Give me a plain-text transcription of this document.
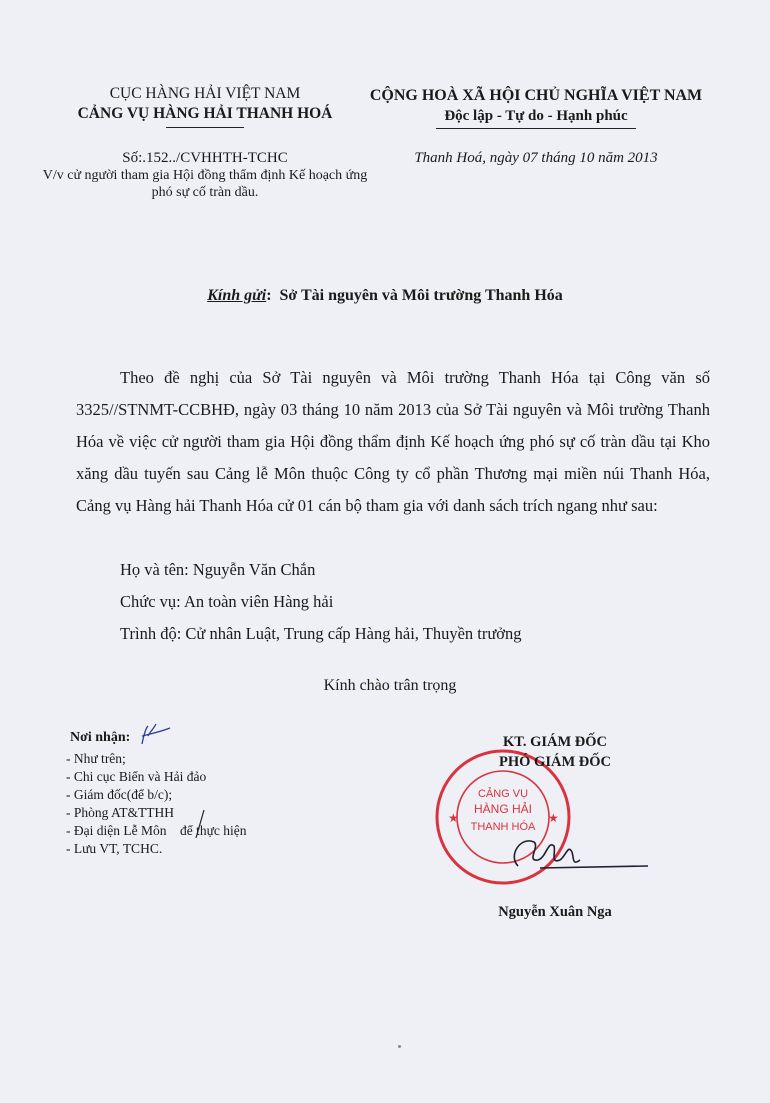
CỤC HÀNG HẢI VIỆT NAM
CẢNG VỤ HÀNG HẢI THANH HOÁ
CỘNG HOÀ XÃ HỘI CHỦ NGHĨA VIỆT NAM
Độc lập - Tự do - Hạnh phúc
Số:.152../CVHHTH-TCHC
V/v cử người tham gia Hội đồng thẩm định Kế hoạch ứng phó sự cố tràn dầu.
Thanh Hoá, ngày 07 tháng 10 năm 2013
Kính gửi:  Sở Tài nguyên và Môi trường Thanh Hóa

Theo đề nghị của Sở Tài nguyên và Môi trường Thanh Hóa tại Công văn số 3325//STNMT-CCBHĐ, ngày 03 tháng 10 năm 2013 của Sở Tài nguyên và Môi trường Thanh Hóa về việc cử người tham gia Hội đồng thẩm định Kế hoạch ứng phó sự cố tràn dầu tại Kho xăng dầu tuyến sau Cảng lễ Môn thuộc Công ty cổ phần Thương mại miền núi Thanh Hóa, Cảng vụ Hàng hải Thanh Hóa cử 01 cán bộ tham gia với danh sách trích ngang như sau:

Họ và tên: Nguyễn Văn Chắn
Chức vụ: An toàn viên Hàng hải
Trình độ: Cử nhân Luật, Trung cấp Hàng hải, Thuyền trưởng
Kính chào trân trọng
Nơi nhận:
- Như trên;
- Chi cục Biển và Hải đảo
- Giám đốc(để b/c);
- Phòng AT&TTHH
- Đại diện Lễ Môn để thực hiện
- Lưu VT, TCHC.
CẢNG VỤ
HÀNG HẢI
THANH HÓA
★	★
KT. GIÁM ĐỐC
PHÓ GIÁM ĐỐC
Nguyễn Xuân Nga
